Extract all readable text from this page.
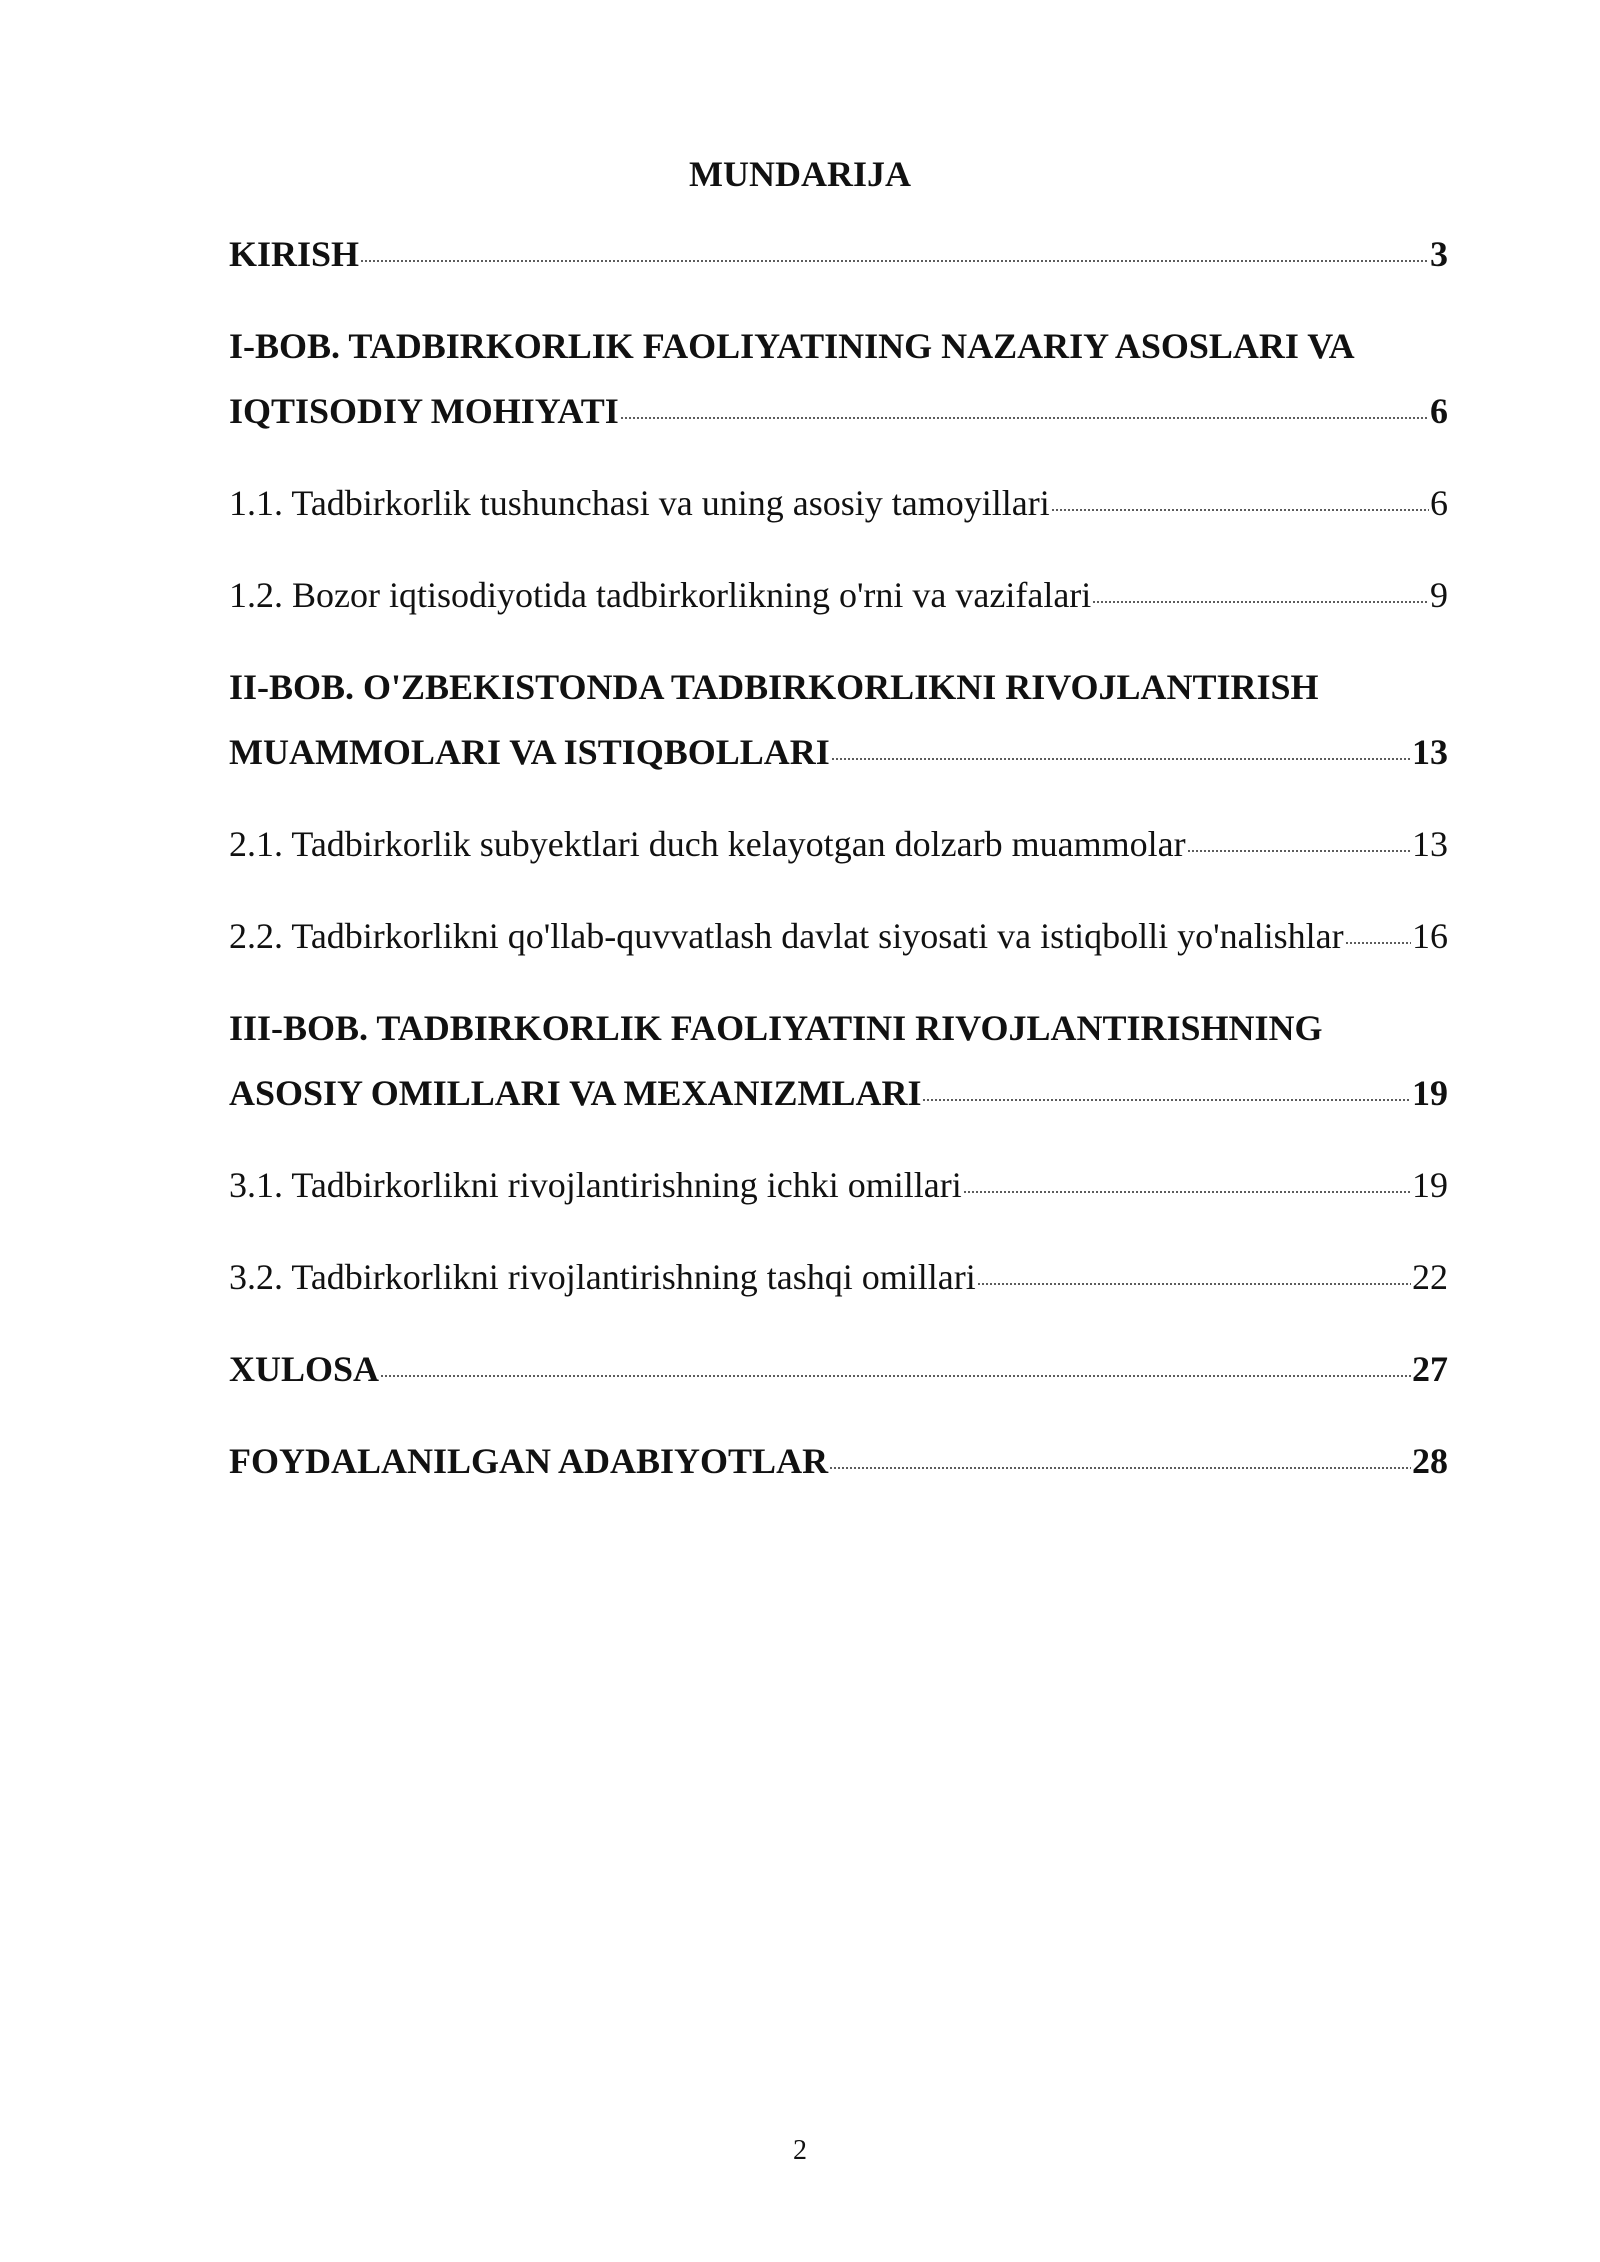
MUNDARIJA
KIRISH	3
I-BOB. TADBIRKORLIK FAOLIYATINING NAZARIY ASOSLARI VA
IQTISODIY MOHIYATI	6
1.1. Tadbirkorlik tushunchasi va uning asosiy tamoyillari	6
1.2. Bozor iqtisodiyotida tadbirkorlikning o'rni va vazifalari	9
II-BOB. O'ZBEKISTONDA TADBIRKORLIKNI RIVOJLANTIRISH
MUAMMOLARI VA ISTIQBOLLARI	13
2.1. Tadbirkorlik subyektlari duch kelayotgan dolzarb muammolar	13
2.2. Tadbirkorlikni qo'llab-quvvatlash davlat siyosati va istiqbolli yo'nalishlar 16
III-BOB. TADBIRKORLIK FAOLIYATINI RIVOJLANTIRISHNING
ASOSIY OMILLARI VA MEXANIZMLARI	19
3.1. Tadbirkorlikni rivojlantirishning ichki omillari	19
3.2. Tadbirkorlikni rivojlantirishning tashqi omillari	22
XULOSA	27
FOYDALANILGAN ADABIYOTLAR	28
2
